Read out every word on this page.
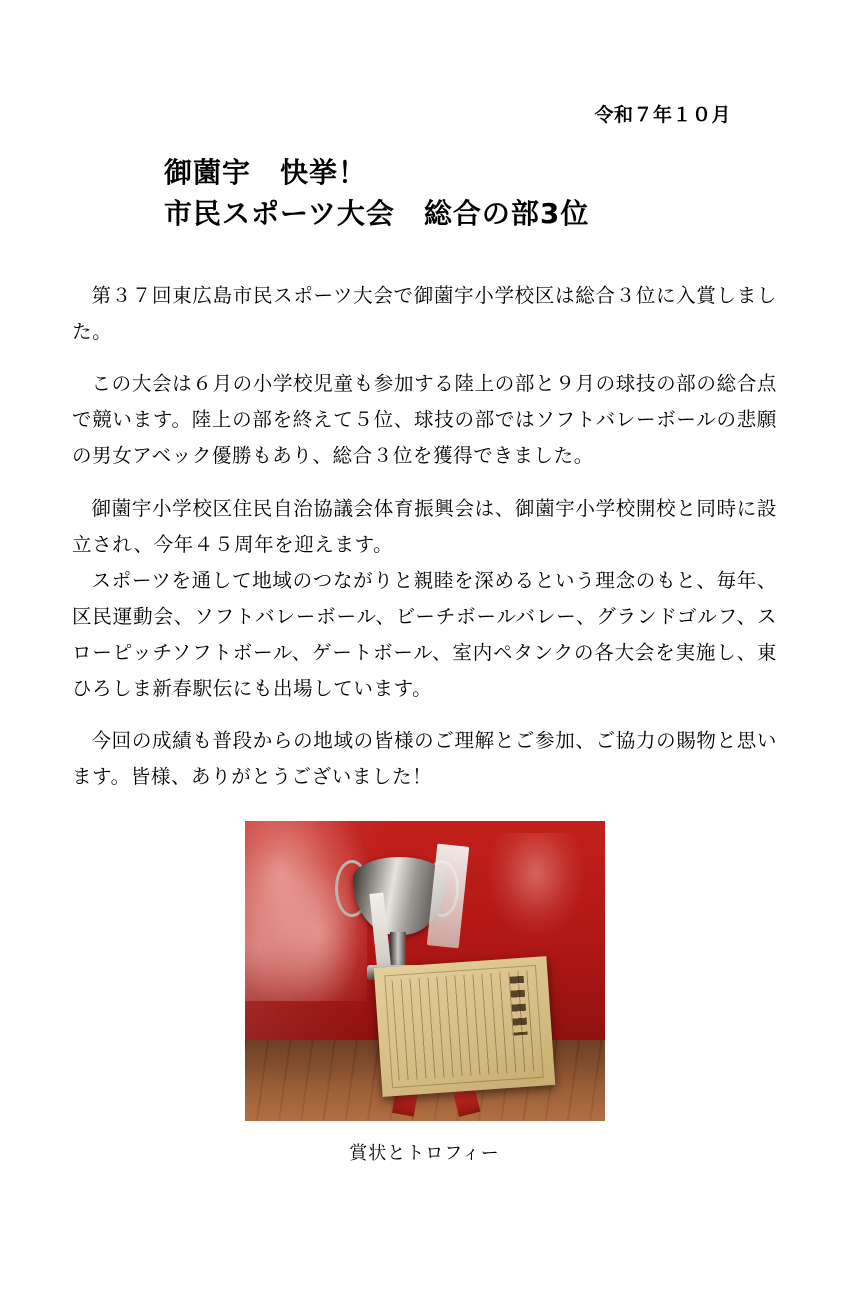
令和７年１０月
御薗宇　快挙！
市民スポーツ大会　総合の部3位

第３７回東広島市民スポーツ大会で御薗宇小学校区は総合３位に入賞しました。

この大会は６月の小学校児童も参加する陸上の部と９月の球技の部の総合点で競います。陸上の部を終えて５位、球技の部ではソフトバレーボールの悲願の男女アベック優勝もあり、総合３位を獲得できました。

御薗宇小学校区住民自治協議会体育振興会は、御薗宇小学校開校と同時に設立され、今年４５周年を迎えます。

スポーツを通して地域のつながりと親睦を深めるという理念のもと、毎年、区民運動会、ソフトバレーボール、ビーチボールバレー、グランドゴルフ、スローピッチソフトボール、ゲートボール、室内ペタンクの各大会を実施し、東ひろしま新春駅伝にも出場しています。

今回の成績も普段からの地域の皆様のご理解とご参加、ご協力の賜物と思います。皆様、ありがとうございました！

賞状とトロフィー
